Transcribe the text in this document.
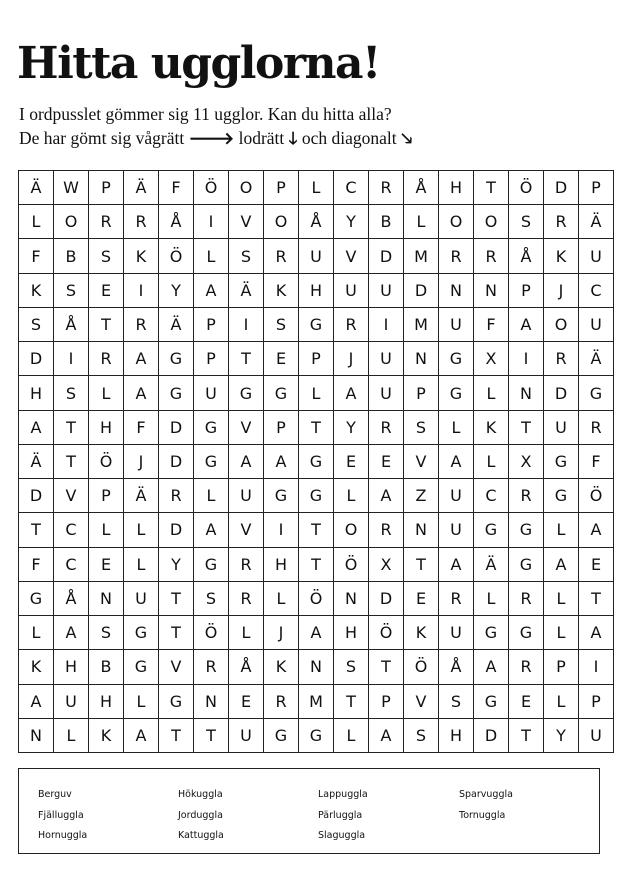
Hitta ugglorna!
I ordpusslet gömmer sig 11 ugglor. Kan du hitta alla?
De har gömt sig vågrätt 🡒 lodrätt 🡓 och diagonalt 🡖
Ä	W	P	Ä	F	Ö	O	P	L	C	R	Å	H	T	Ö	D	P
L	O	R	R	Å	I	V	O	Å	Y	B	L	O	O	S	R	Ä
F	B	S	K	Ö	L	S	R	U	V	D	M	R	R	Å	K	U
K	S	E	I	Y	A	Ä	K	H	U	U	D	N	N	P	J	C
S	Å	T	R	Ä	P	I	S	G	R	I	M	U	F	A	O	U
D	I	R	A	G	P	T	E	P	J	U	N	G	X	I	R	Ä
H	S	L	A	G	U	G	G	L	A	U	P	G	L	N	D	G
A	T	H	F	D	G	V	P	T	Y	R	S	L	K	T	U	R
Ä	T	Ö	J	D	G	A	A	G	E	E	V	A	L	X	G	F
D	V	P	Ä	R	L	U	G	G	L	A	Z	U	C	R	G	Ö
T	C	L	L	D	A	V	I	T	O	R	N	U	G	G	L	A
F	C	E	L	Y	G	R	H	T	Ö	X	T	A	Ä	G	A	E
G	Å	N	U	T	S	R	L	Ö	N	D	E	R	L	R	L	T
L	A	S	G	T	Ö	L	J	A	H	Ö	K	U	G	G	L	A
K	H	B	G	V	R	Å	K	N	S	T	Ö	Å	A	R	P	I
A	U	H	L	G	N	E	R	M	T	P	V	S	G	E	L	P
N	L	K	A	T	T	U	G	G	L	A	S	H	D	T	Y	U
Berguv
Fjälluggla
Hornuggla
Hökuggla
Jorduggla
Kattuggla
Lappuggla
Pärluggla
Slaguggla
Sparvuggla
Tornuggla
